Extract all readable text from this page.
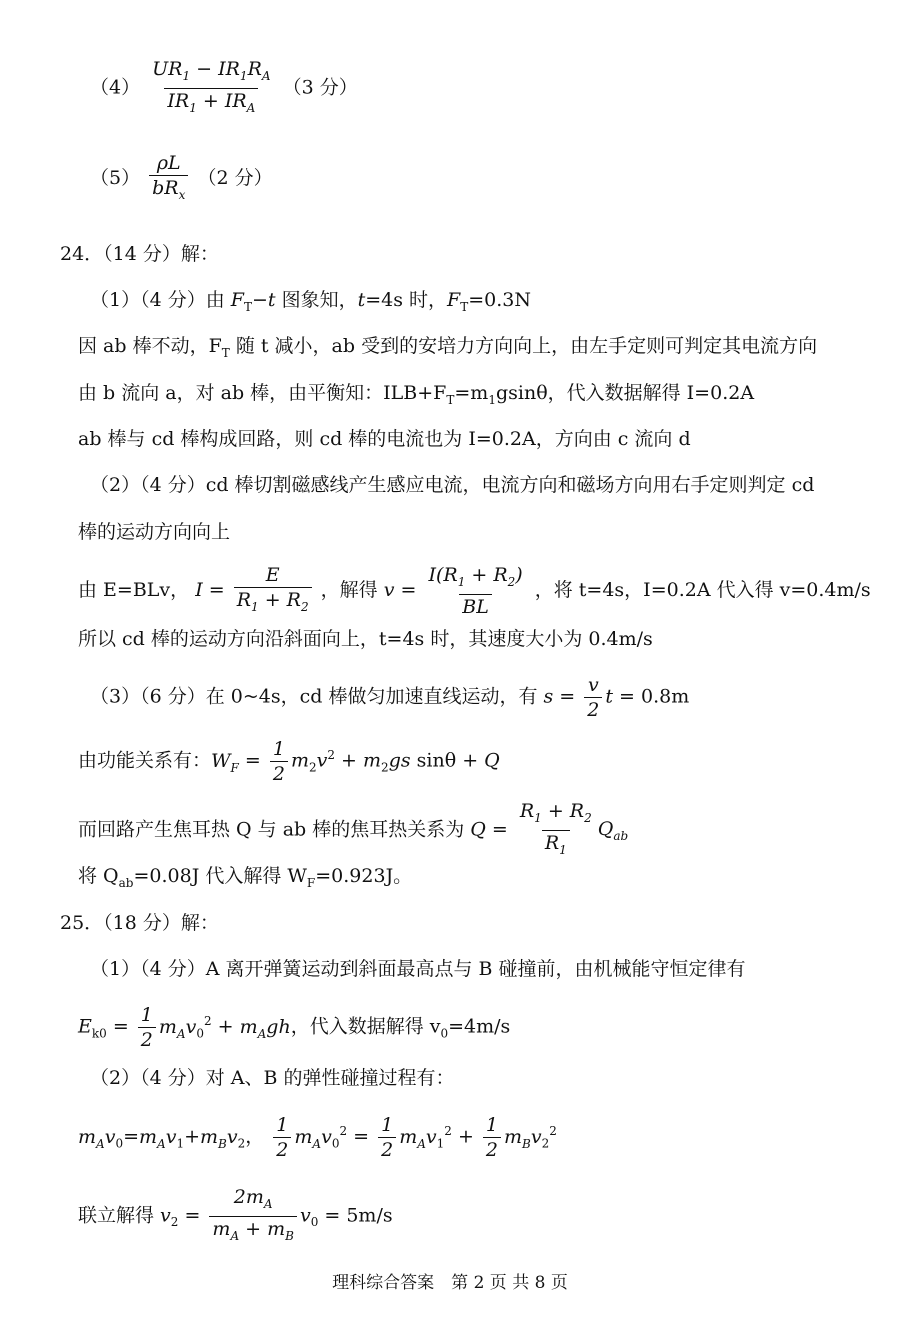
$(4) \frac{UR_1 - IR_1R_A}{IR_1 + IR_A} (3$ 分）
$(5) \frac{\rho L}{bR_x} (2$ 分）
24．（14 分）解：
（1）（4 分）由 $F_T-t$ 图象知，t=4s 时，$F_T=0.3N$
因 ab 棒不动，$F_T$ 随 t 减小，ab 受到的安培力方向向上，由左手定则可判定其电流方向
由 b 流向 a，对 ab 棒，由平衡知：$ILB+F_T=m_1gsin\theta$，代入数据解得 I=0.2A
ab 棒与 cd 棒构成回路，则 cd 棒的电流也为 I=0.2A，方向由 c 流向 d
（2）（4 分）cd 棒切割磁感线产生感应电流，电流方向和磁场方向用右手定则判定 cd
棒的运动方向向上
由 E=BLv， $I = \frac{E}{R_1 + R_2}$ ，解得 $v = \frac{I(R_1 + R_2)}{BL}$ ，将 t=4s，I=0.2A 代入得 v=0.4m/s
所以 cd 棒的运动方向沿斜面向上，t=4s 时，其速度大小为 0.4m/s
（3）（6 分）在 0~4s，cd 棒做匀加速直线运动，有 $s = \frac{v}{2}$ t = 0.8m
由功能关系有：$W_F = \frac{1}{2} m_2v^2 + m_2gs$ sinθ + Q
而回路产生焦耳热 Q 与 ab 棒的焦耳热关系为 $Q = \frac{R_1 + R_2}{R_1} Q_{ab}$
将 $Q_{ab}=0.08J$ 代入解得 $W_F=0.923J$。
25．（18 分）解：
（1）（4 分）A 离开弹簧运动到斜面最高点与 B 碰撞前，由机械能守恒定律有
$E_{k0} = \frac{1}{2} m_Av_0^2 + m_Agh$，代入数据解得 $v_0=4m/s$
（2）（4 分）对 A、B 的弹性碰撞过程有：
$m_Av_0=m_Av_1+m_Bv_2$， $\frac{1}{2} m_Av_0^2 = \frac{1}{2} m_Av_1^2 + \frac{1}{2} m_Bv_2^2$
联立解得 $v_2 = \frac{2m_A}{m_A + m_B} v_0 = 5m/s$
理科综合答案　第 2 页 共 8 页
